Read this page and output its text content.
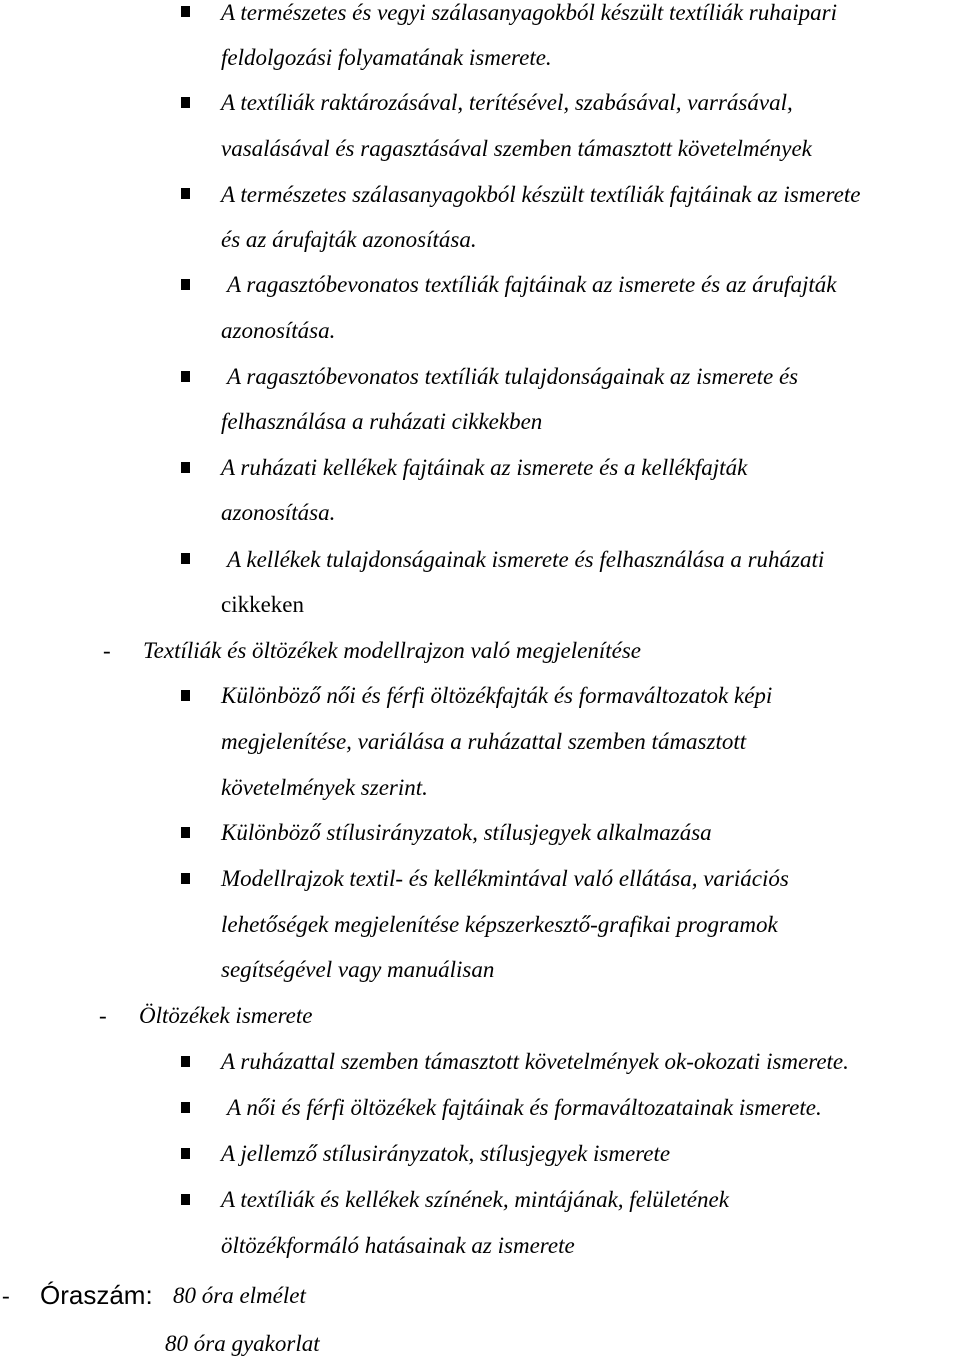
A természetes és vegyi szálasanyagokból készült textíliák ruhaipari
feldolgozási folyamatának ismerete.
A textíliák raktározásával, terítésével, szabásával, varrásával,
vasalásával és ragasztásával szemben támasztott követelmények
A természetes szálasanyagokból készült textíliák fajtáinak az ismerete
és az árufajták azonosítása.
A ragasztóbevonatos textíliák fajtáinak az ismerete és az árufajták
azonosítása.
A ragasztóbevonatos textíliák tulajdonságainak az ismerete és
felhasználása a ruházati cikkekben
A ruházati kellékek fajtáinak az ismerete és a kellékfajták
azonosítása.
A kellékek tulajdonságainak ismerete és felhasználása a ruházati
cikkeken
- Textíliák és öltözékek modellrajzon való megjelenítése
Különböző női és férfi öltözékfajták és formaváltozatok képi
megjelenítése, variálása a ruházattal szemben támasztott
követelmények szerint.
Különböző stílusirányzatok, stílusjegyek alkalmazása
Modellrajzok textil- és kellékmintával való ellátása, variációs
lehetőségek megjelenítése képszerkesztő-grafikai programok
segítségével vagy manuálisan
- Öltözékek ismerete
A ruházattal szemben támasztott követelmények ok-okozati ismerete.
A női és férfi öltözékek fajtáinak és formaváltozatainak ismerete.
A jellemző stílusirányzatok, stílusjegyek ismerete
A textíliák és kellékek színének, mintájának, felületének
öltözékformáló hatásainak az ismerete
- Óraszám: 80 óra elmélet
80 óra gyakorlat
